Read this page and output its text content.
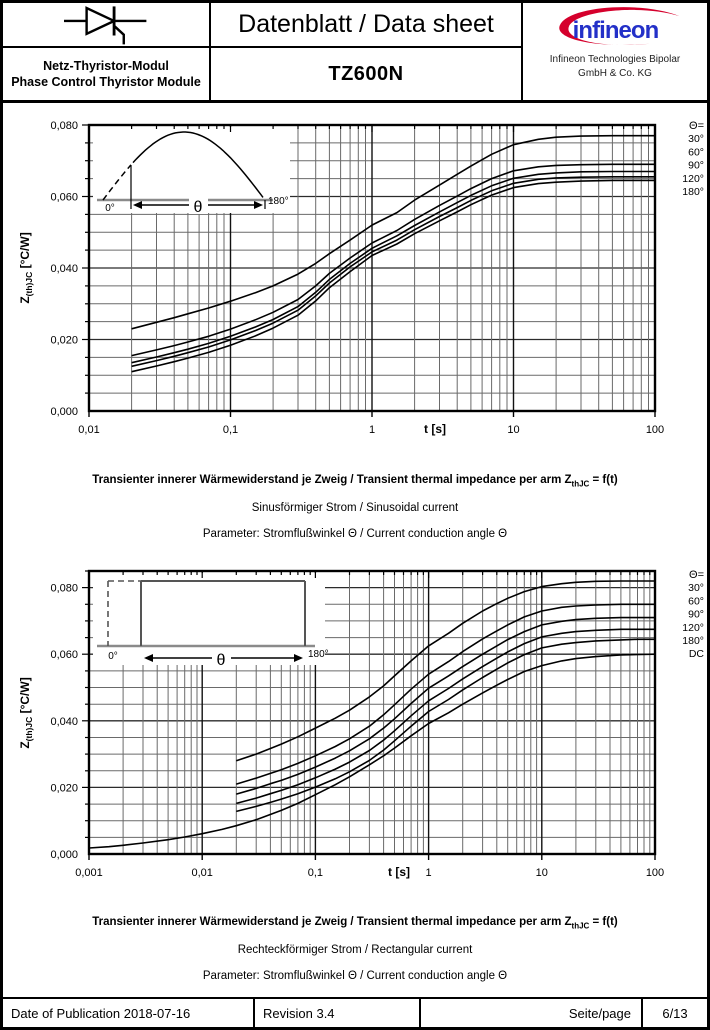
Netz-Thyristor-Modul
Phase Control Thyristor Module
Datenblatt / Data sheet
TZ600N
infineon
Infineon Technologies Bipolar
GmbH & Co. KG
θ
0°
180°
0,01	0,1	1	10	100
t [s]
0,000
0,020
0,040
0,060
0,080
$Z_{(th)JC}$ [°C/W]
Θ=
30°
60°
90°
120°
180°

Transienter innerer Wärmewiderstand je Zweig / Transient thermal impedance per arm $Z_{thJC} = f(t)$

Sinusförmiger Strom / Sinusoidal current

Parameter: Stromflußwinkel Θ / Current conduction angle Θ

θ
0°	180°
0,001	0,01	0,1	1	10	100
t [s]
0,000
0,020
0,040
0,060
0,080
$Z_{(th)JC}$ [°C/W]
Θ=
30°
60°
90°
120°
180°
DC

Transienter innerer Wärmewiderstand je Zweig / Transient thermal impedance per arm $Z_{thJC} = f(t)$

Rechteckförmiger Strom / Rectangular current

Parameter: Stromflußwinkel Θ / Current conduction angle Θ

Date of Publication 2018-07-16	Revision 3.4	Seite/page	6/13
